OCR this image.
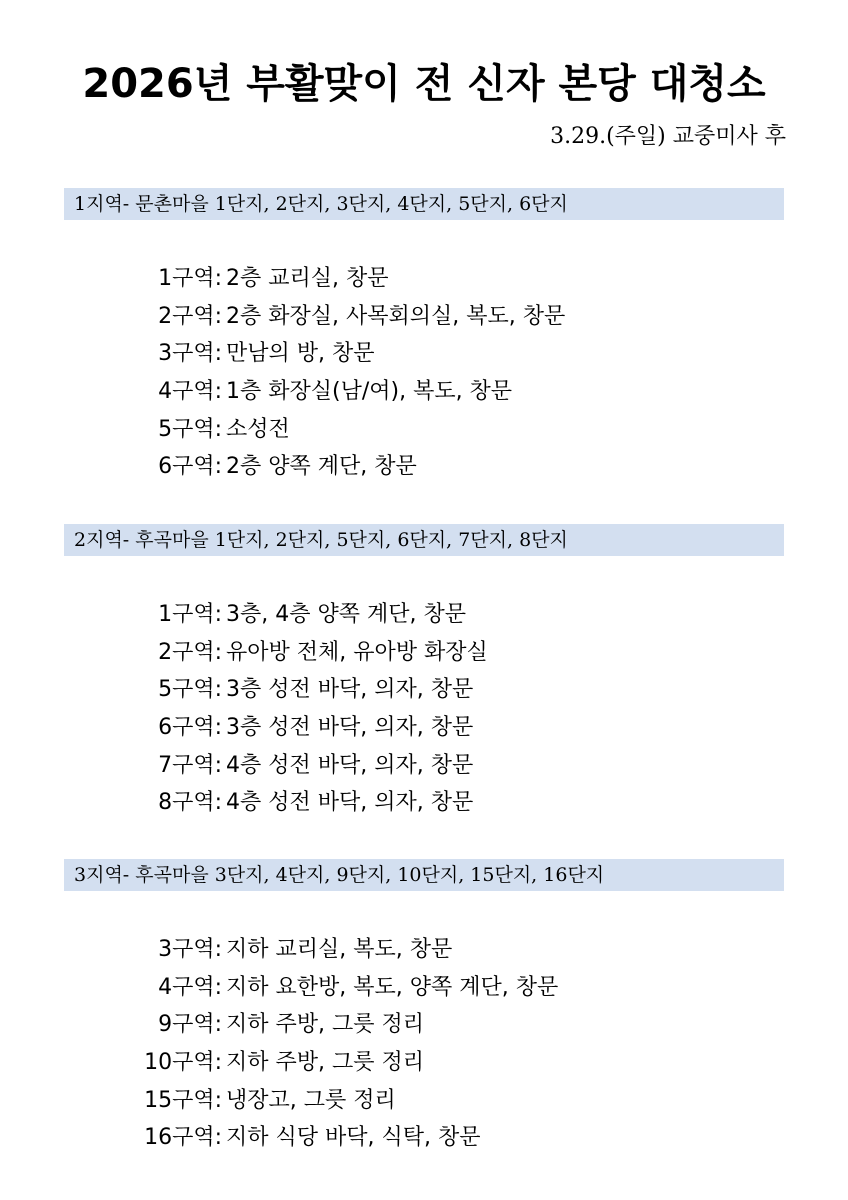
2026년 부활맞이 전 신자 본당 대청소
3.29.(주일) 교중미사 후
1지역- 문촌마을 1단지, 2단지, 3단지, 4단지, 5단지, 6단지
1구역: 2층 교리실, 창문
2구역: 2층 화장실, 사목회의실, 복도, 창문
3구역: 만남의 방, 창문
4구역: 1층 화장실(남/여), 복도, 창문
5구역: 소성전
6구역: 2층 양쪽 계단, 창문
2지역- 후곡마을 1단지, 2단지, 5단지, 6단지, 7단지, 8단지
1구역: 3층, 4층 양쪽 계단, 창문
2구역: 유아방 전체, 유아방 화장실
5구역: 3층 성전 바닥, 의자, 창문
6구역: 3층 성전 바닥, 의자, 창문
7구역: 4층 성전 바닥, 의자, 창문
8구역: 4층 성전 바닥, 의자, 창문
3지역- 후곡마을 3단지, 4단지, 9단지, 10단지, 15단지, 16단지
3구역: 지하 교리실, 복도, 창문
4구역: 지하 요한방, 복도, 양쪽 계단, 창문
9구역: 지하 주방, 그릇 정리
10구역: 지하 주방, 그릇 정리
15구역: 냉장고, 그릇 정리
16구역: 지하 식당 바닥, 식탁, 창문
